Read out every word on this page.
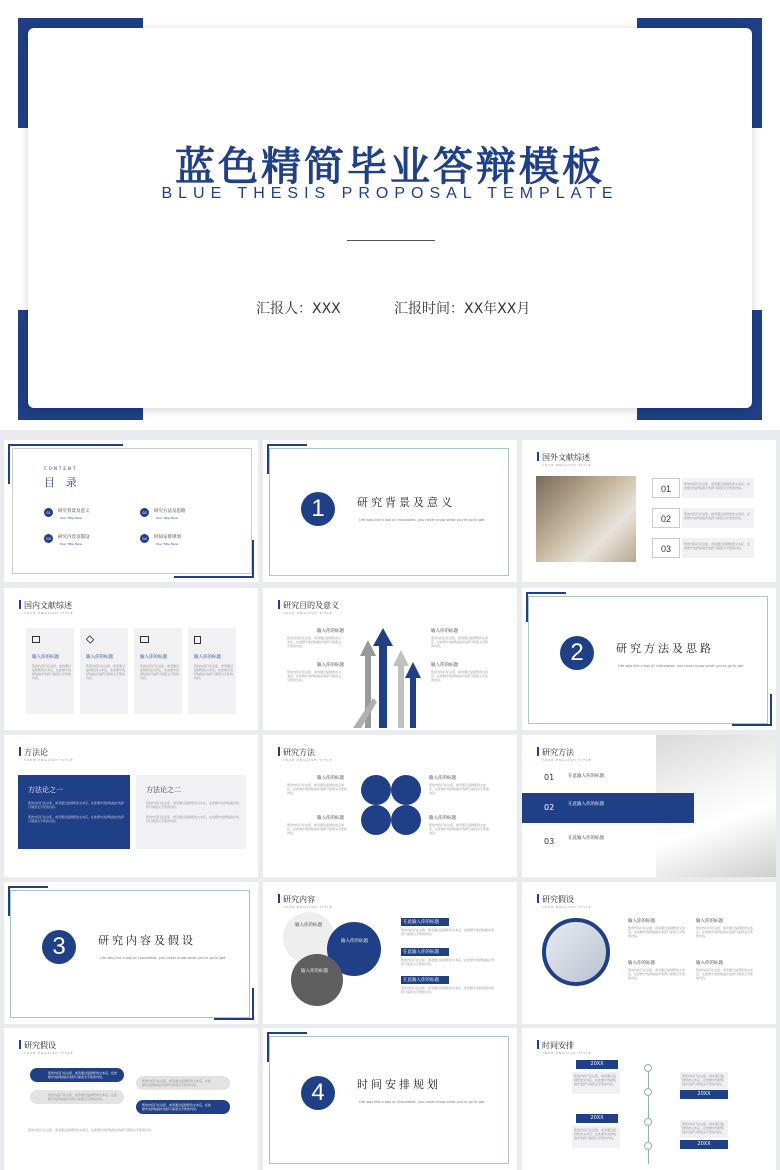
蓝色精简毕业答辩模板
BLUE THESIS PROPOSAL TEMPLATE
汇报人：XXX	汇报时间：XX年XX月
CONTENT
目　录
01	研究背景及意义
Your Title Here
02	研究方法及思路
Your Title Here
03	研究内容及假设
Your Title Here
04	时间安排规划
Your Title Here
1	研究背景及意义
Life was like a box of chocolates, you never know what you're go to get
国外文献综述
YOUR ENGLISH TITLE
01	您的内容打在这里，或者通过复制您的文本后，在此框中选择粘贴并选择只保留文字您的内容。
02	您的内容打在这里，或者通过复制您的文本后，在此框中选择粘贴并选择只保留文字您的内容。
03	您的内容打在这里，或者通过复制您的文本后，在此框中选择粘贴并选择只保留文字您的内容。
国内文献综述
YOUR ENGLISH TITLE
输入你的标题	输入你的标题	输入你的标题	输入你的标题
您的内容打在这里，或者通过复制您的文本后，在此框中选择粘贴并选择只保留文字您的内容。
您的内容打在这里，或者通过复制您的文本后，在此框中选择粘贴并选择只保留文字您的内容。
您的内容打在这里，或者通过复制您的文本后，在此框中选择粘贴并选择只保留文字您的内容。
您的内容打在这里，或者通过复制您的文本后，在此框中选择粘贴并选择只保留文字您的内容。
研究目的及意义
YOUR ENGLISH TITLE
输入你的标题
您的内容打在这里，或者通过复制您的文本后，在此框中选择粘贴并选择只保留文字您的内容。
输入你的标题
您的内容打在这里，或者通过复制您的文本后，在此框中选择粘贴并选择只保留文字您的内容。
输入你的标题
您的内容打在这里，或者通过复制您的文本后，在此框中选择粘贴并选择只保留文字您的内容。
输入你的标题
您的内容打在这里，或者通过复制您的文本后，在此框中选择粘贴并选择只保留文字您的内容。
2	研究方法及思路
Life was like a box of chocolates, you never know what you're go to get
方法论
YOUR ENGLISH TITLE
方法论之一
您的内容打在这里，或者通过复制您的文本后，在此框中选择粘贴并选择只保留文字您的内容。
您的内容打在这里，或者通过复制您的文本后，在此框中选择粘贴并选择只保留文字您的内容。
方法论之二
您的内容打在这里，或者通过复制您的文本后，在此框中选择粘贴并选择只保留文字您的内容。
您的内容打在这里，或者通过复制您的文本后，在此框中选择粘贴并选择只保留文字您的内容。
研究方法
YOUR ENGLISH TITLE
输入你的标题
您的内容打在这里，或者通过复制您的文本后，在此框中选择粘贴并选择只保留文字您的内容。
输入你的标题
您的内容打在这里，或者通过复制您的文本后，在此框中选择粘贴并选择只保留文字您的内容。
输入你的标题
您的内容打在这里，或者通过复制您的文本后，在此框中选择粘贴并选择只保留文字您的内容。
输入你的标题
您的内容打在这里，或者通过复制您的文本后，在此框中选择粘贴并选择只保留文字您的内容。
研究方法
YOUR ENGLISH TITLE
01	在此输入你的标题
02	在此输入你的标题
03	在此输入你的标题
3	研究内容及假设
Life was like a box of chocolates, you never know what you're go to get
研究内容
YOUR ENGLISH TITLE
输入你的标题
输入你的标题
输入你的标题
在此输入你的标题
您的内容打在这里，或者通过复制您的文本后，在此框中选择粘贴并选择只保留文字您的内容。
在此输入你的标题
您的内容打在这里，或者通过复制您的文本后，在此框中选择粘贴并选择只保留文字您的内容。
在此输入你的标题
您的内容打在这里，或者通过复制您的文本后，在此框中选择粘贴并选择只保留文字您的内容。
研究假设
YOUR ENGLISH TITLE
输入你的标题
您的内容打在这里，或者通过复制您的文本后，在此框中选择粘贴并选择只保留文字您的内容。
输入你的标题
您的内容打在这里，或者通过复制您的文本后，在此框中选择粘贴并选择只保留文字您的内容。
输入你的标题
您的内容打在这里，或者通过复制您的文本后，在此框中选择粘贴并选择只保留文字您的内容。
输入你的标题
您的内容打在这里，或者通过复制您的文本后，在此框中选择粘贴并选择只保留文字您的内容。
研究假设
YOUR ENGLISH TITLE
您的内容打在这里，或者通过复制您的文本后，在此框中选择粘贴并选择只保留文字您的内容。
您的内容打在这里，或者通过复制您的文本后，在此框中选择粘贴并选择只保留文字您的内容。
您的内容打在这里，或者通过复制您的文本后，在此框中选择粘贴并选择只保留文字您的内容。
您的内容打在这里，或者通过复制您的文本后，在此框中选择粘贴并选择只保留文字您的内容。
您的内容打在这里，或者通过复制您的文本后，在此框中选择粘贴并选择只保留文字您的内容。
4	时间安排规划
Life was like a box of chocolates, you never know what you're go to get
时间安排
YOUR ENGLISH TITLE
20XX
您的内容打在这里，或者通过复制您的文本后，在此框中选择粘贴并选择只保留文字您的内容。
20XX
您的内容打在这里，或者通过复制您的文本后，在此框中选择粘贴并选择只保留文字您的内容。
您的内容打在这里，或者通过复制您的文本后，在此框中选择粘贴并选择只保留文字您的内容。
20XX
您的内容打在这里，或者通过复制您的文本后，在此框中选择粘贴并选择只保留文字您的内容。
20XX
